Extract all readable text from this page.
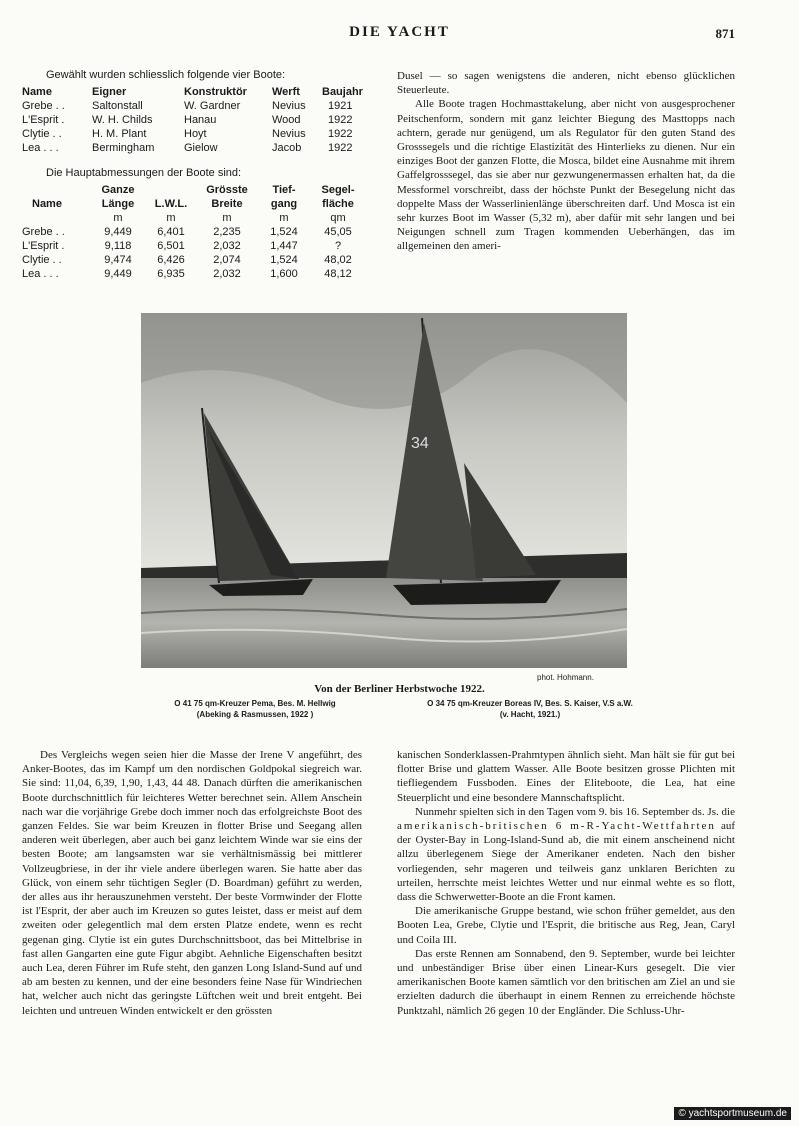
DIE YACHT	871
Gewählt wurden schliesslich folgende vier Boote:
Name	Eigner	Konstruktör	Werft	Baujahr
Grebe . .	Saltonstall	W. Gardner	Nevius	1921
L'Esprit .	W. H. Childs	Hanau	Wood	1922
Clytie . .	H. M. Plant	Hoyt	Nevius	1922
Lea . . .	Bermingham	Gielow	Jacob	1922
Die Hauptabmessungen der Boote sind:
	Ganze		Grösste	Tief-	Segel-
Name	Länge	L.W.L.	Breite	gang	fläche
	m	m	m	m	qm
Grebe . .	9,449	6,401	2,235	1,524	45,05
L'Esprit .	9,118	6,501	2,032	1,447	?
Clytie . .	9,474	6,426	2,074	1,524	48,02
Lea . . .	9,449	6,935	2,032	1,600	48,12

Dusel — so sagen wenigstens die anderen, nicht ebenso glücklichen Steuerleute.

Alle Boote tragen Hochmasttakelung, aber nicht von ausgesprochener Peitschenform, sondern mit ganz leichter Biegung des Masttopps nach achtern, gerade nur genügend, um als Regulator für den guten Stand des Grosssegels und die richtige Elastizität des Hinterlieks zu dienen. Nur ein einziges Boot der ganzen Flotte, die Mosca, bildet eine Ausnahme mit ihrem Gaffelgrosssegel, das sie aber nur gezwungenermassen erhalten hat, da die Messformel vorschreibt, dass der höchste Punkt der Besegelung nicht das doppelte Mass der Wasserlinienlänge überschreiten darf. Und Mosca ist ein sehr kurzes Boot im Wasser (5,32 m), aber dafür mit sehr langen und bei Neigungen schnell zum Tragen kommenden Ueberhängen, das im allgemeinen den ameri-

34
phot. Hohmann.
Von der Berliner Herbstwoche 1922.
O 41 75 qm-Kreuzer Pema, Bes. M. Hellwig
(Abeking & Rasmussen, 1922 )
O 34 75 qm-Kreuzer Boreas IV, Bes. S. Kaiser, V.S a.W.
(v. Hacht, 1921.)

Des Vergleichs wegen seien hier die Masse der Irene V angeführt, des Anker-Bootes, das im Kampf um den nordischen Goldpokal siegreich war. Sie sind: 11,04, 6,39, 1,90, 1,43, 44 48. Danach dürften die amerikanischen Boote durchschnittlich für leichteres Wetter berechnet sein. Allem Anschein nach war die vorjährige Grebe doch immer noch das erfolgreichste Boot des ganzen Feldes. Sie war beim Kreuzen in flotter Brise und Seegang allen anderen weit überlegen, aber auch bei ganz leichtem Winde war sie eins der besten Boote; am langsamsten war sie verhältnismässig bei mittlerer Vollzeugbriese, in der ihr viele andere überlegen waren. Sie hatte aber das Glück, von einem sehr tüchtigen Segler (D. Boardman) geführt zu werden, der alles aus ihr herauszunehmen versteht. Der beste Vormwinder der Flotte ist l'Esprit, der aber auch im Kreuzen so gutes leistet, dass er meist auf dem zweiten oder gelegentlich mal dem ersten Platze endete, wenn es recht gegenan ging. Clytie ist ein gutes Durchschnittsboot, das bei Mittelbrise in fast allen Gangarten eine gute Figur abgibt. Aehnliche Eigenschaften besitzt auch Lea, deren Führer im Rufe steht, den ganzen Long Island-Sund auf und ab am besten zu kennen, und der eine besonders feine Nase für Windriechen hat, welcher auch nicht das geringste Lüftchen weit und breit entgeht. Bei leichten und untreuen Winden entwickelt er den grössten

kanischen Sonderklassen-Prahmtypen ähnlich sieht. Man hält sie für gut bei flotter Brise und glattem Wasser. Alle Boote besitzen grosse Plichten mit tiefliegendem Fussboden. Eines der Eliteboote, die Lea, hat eine Steuerplicht und eine besondere Mannschaftsplicht.

Nunmehr spielten sich in den Tagen vom 9. bis 16. September ds. Js. die amerikanisch-britischen 6 m-R-Yacht-Wettfahrten auf der Oyster-Bay in Long-Island-Sund ab, die mit einem anscheinend nicht allzu überlegenem Siege der Amerikaner endeten. Nach den bisher vorliegenden, sehr mageren und teilweis ganz unklaren Berichten zu urteilen, herrschte meist leichtes Wetter und nur einmal wehte es so flott, dass die Schwerwetter-Boote an die Front kamen.

Die amerikanische Gruppe bestand, wie schon früher gemeldet, aus den Booten Lea, Grebe, Clytie und l'Esprit, die britische aus Reg, Jean, Caryl und Coila III.

Das erste Rennen am Sonnabend, den 9. September, wurde bei leichter und unbeständiger Brise über einen Linear-Kurs gesegelt. Die vier amerikanischen Boote kamen sämtlich vor den britischen am Ziel an und sie erzielten dadurch die überhaupt in einem Rennen zu erreichende höchste Punktzahl, nämlich 26 gegen 10 der Engländer. Die Schluss-Uhr-

© yachtsportmuseum.de
